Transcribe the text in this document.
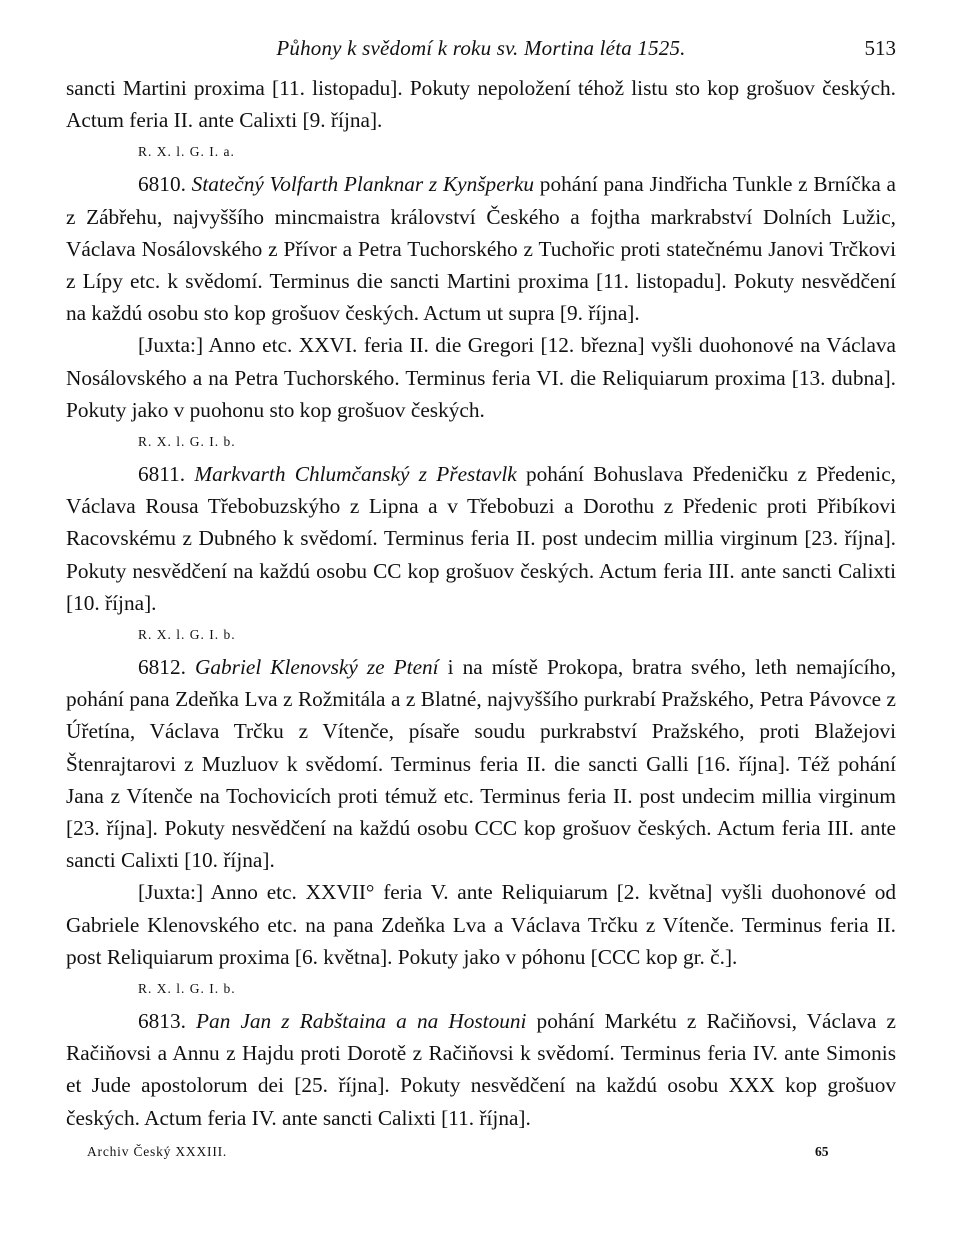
Půhony k svědomí k roku sv. Mortina léta 1525.	513

sancti Martini proxima [11. listopadu]. Pokuty nepoložení téhož listu sto kop grošuov českých. Actum feria II. ante Calixti [9. října].

R. X. l. G. I. a.

6810. Statečný Volfarth Planknar z Kynšperku pohání pana Jindřicha Tunkle z Brníčka a z Zábřehu, najvyššího mincmaistra království Českého a fojtha markrabství Dolních Lužic, Václava Nosálovského z Přívor a Petra Tuchorského z Tuchořic proti statečnému Janovi Trčkovi z Lípy etc. k svědomí. Terminus die sancti Martini proxima [11. listopadu]. Pokuty nesvědčení na každú osobu sto kop grošuov českých. Actum ut supra [9. října].

[Juxta:] Anno etc. XXVI. feria II. die Gregori [12. března] vyšli duohonové na Václava Nosálovského a na Petra Tuchorského. Terminus feria VI. die Reliquiarum proxima [13. dubna]. Pokuty jako v puohonu sto kop grošuov českých.

R. X. l. G. I. b.

6811. Markvarth Chlumčanský z Přestavlk pohání Bohuslava Předeničku z Předenic, Václava Rousa Třebobuzskýho z Lipna a v Třebobuzi a Dorothu z Předenic proti Přibíkovi Racovskému z Dubného k svědomí. Terminus feria II. post undecim millia virginum [23. října]. Pokuty nesvědčení na každú osobu CC kop grošuov českých. Actum feria III. ante sancti Calixti [10. října].

R. X. l. G. I. b.

6812. Gabriel Klenovský ze Ptení i na místě Prokopa, bratra svého, leth nemajícího, pohání pana Zdeňka Lva z Rožmitála a z Blatné, najvyššího purkrabí Pražského, Petra Pávovce z Úřetína, Václava Trčku z Vítenče, písaře soudu purkrabství Pražského, proti Blažejovi Štenrajtarovi z Muzluov k svědomí. Terminus feria II. die sancti Galli [16. října]. Též pohání Jana z Vítenče na Tochovicích proti témuž etc. Terminus feria II. post undecim millia virginum [23. října]. Pokuty nesvědčení na každú osobu CCC kop grošuov českých. Actum feria III. ante sancti Calixti [10. října].

[Juxta:] Anno etc. XXVII° feria V. ante Reliquiarum [2. května] vyšli duohonové od Gabriele Klenovského etc. na pana Zdeňka Lva a Václava Trčku z Vítenče. Terminus feria II. post Reliquiarum proxima [6. května]. Pokuty jako v póhonu [CCC kop gr. č.].

R. X. l. G. I. b.

6813. Pan Jan z Rabštaina a na Hostouni pohání Markétu z Račiňovsi, Václava z Račiňovsi a Annu z Hajdu proti Dorotě z Račiňovsi k svědomí. Terminus feria IV. ante Simonis et Jude apostolorum dei [25. října]. Pokuty nesvědčení na každú osobu XXX kop grošuov českých. Actum feria IV. ante sancti Calixti [11. října].

Archiv Český XXXIII.	65
